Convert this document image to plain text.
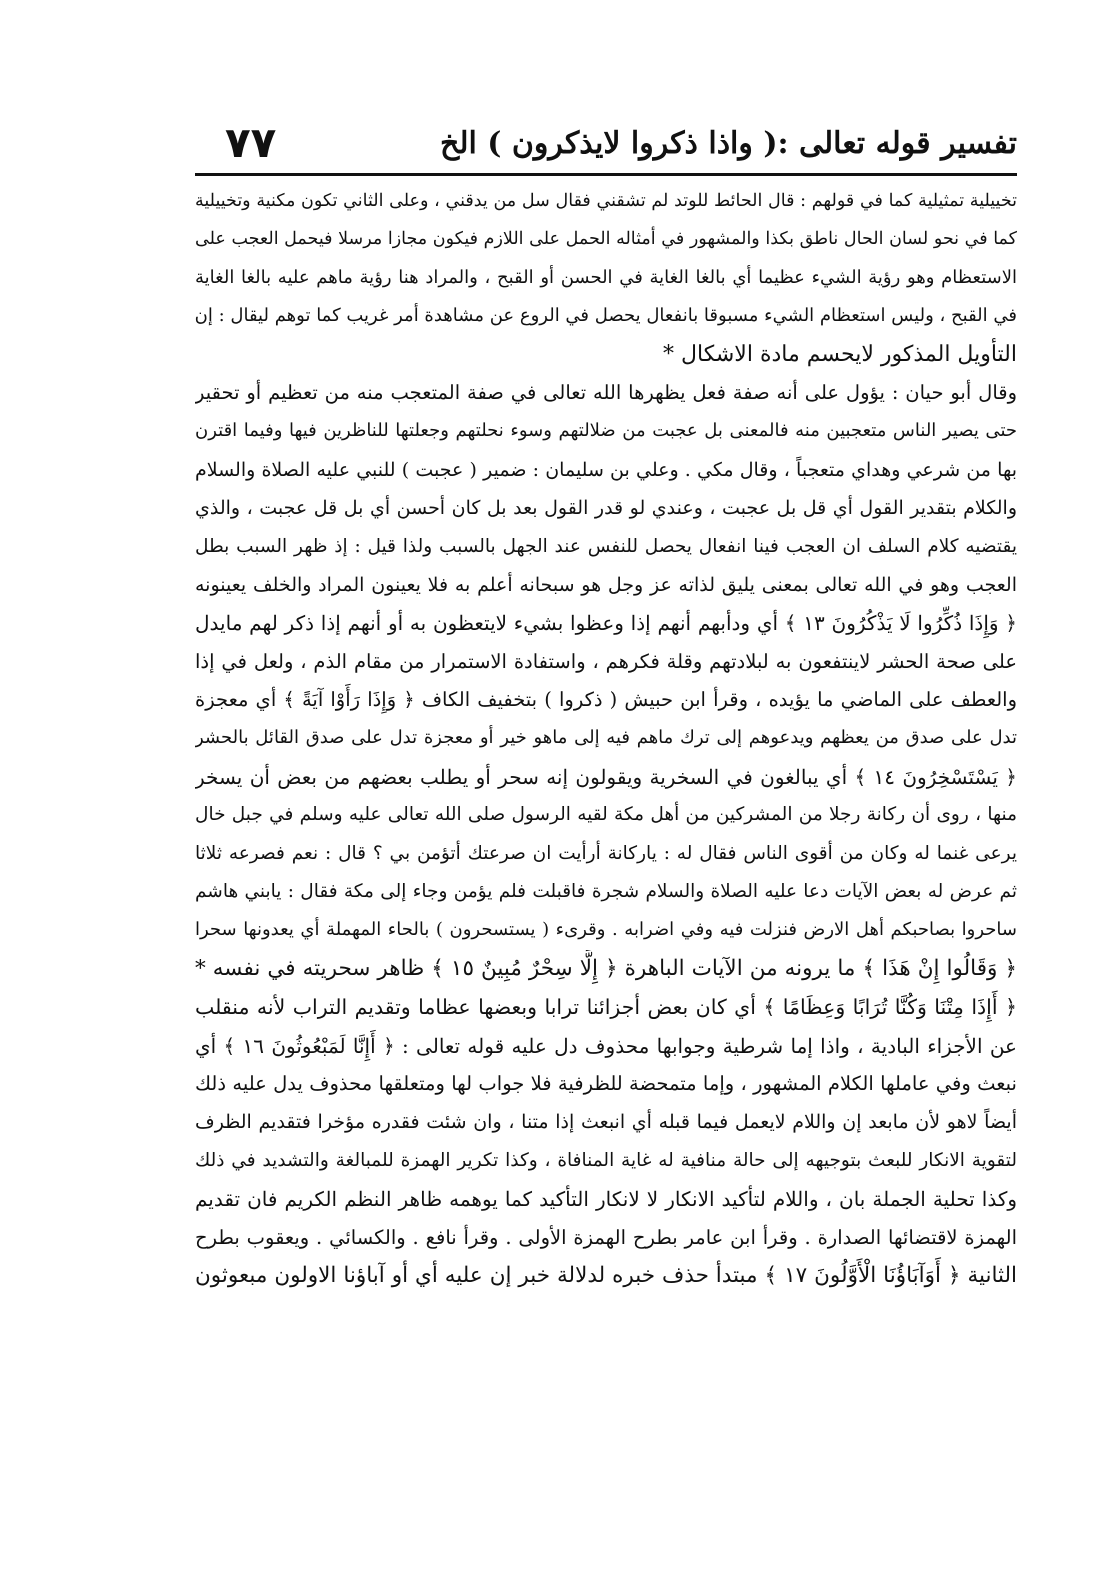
تفسير قوله تعالى :( واذا ذكروا لايذكرون ) الخ
٧٧
تخييلية تمثيلية كما في قولهم : قال الحائط للوتد لم تشقني فقال سل من يدقني ، وعلى الثاني تكون مكنية وتخييلية
كما في نحو لسان الحال ناطق بكذا والمشهور في أمثاله الحمل على اللازم فيكون مجازا مرسلا فيحمل العجب على
الاستعظام وهو رؤية الشيء عظيما أي بالغا الغاية في الحسن أو القبح ، والمراد هنا رؤية ماهم عليه بالغا الغاية
في القبح ، وليس استعظام الشيء مسبوقا بانفعال يحصل في الروع عن مشاهدة أمر غريب كما توهم ليقال : إن
التأويل المذكور لايحسم مادة الاشكال *
وقال أبو حيان : يؤول على أنه صفة فعل يظهرها الله تعالى في صفة المتعجب منه من تعظيم أو تحقير
حتى يصير الناس متعجبين منه فالمعنى بل عجبت من ضلالتهم وسوء نحلتهم وجعلتها للناظرين فيها وفيما اقترن
بها من شرعي وهداي متعجباً ، وقال مكي . وعلي بن سليمان : ضمير ( عجبت ) للنبي عليه الصلاة والسلام
والكلام بتقدير القول أي قل بل عجبت ، وعندي لو قدر القول بعد بل كان أحسن أي بل قل عجبت ، والذي
يقتضيه كلام السلف ان العجب فينا انفعال يحصل للنفس عند الجهل بالسبب ولذا قيل : إذ ظهر السبب بطل
العجب وهو في الله تعالى بمعنى يليق لذاته عز وجل هو سبحانه أعلم به فلا يعينون المراد والخلف يعينونه
﴿ وَإِذَا ذُكِّرُوا لَا يَذْكُرُونَ ١٣ ﴾ أي ودأبهم أنهم إذا وعظوا بشيء لايتعظون به أو أنهم إذا ذكر لهم مايدل
على صحة الحشر لاينتفعون به لبلادتهم وقلة فكرهم ، واستفادة الاستمرار من مقام الذم ، ولعل في إذا
والعطف على الماضي ما يؤيده ، وقرأ ابن حبيش ( ذكروا ) بتخفيف الكاف ﴿ وَإِذَا رَأَوْا آيَةً ﴾ أي معجزة
تدل على صدق من يعظهم ويدعوهم إلى ترك ماهم فيه إلى ماهو خير أو معجزة تدل على صدق القائل بالحشر
﴿ يَسْتَسْخِرُونَ ١٤ ﴾ أي يبالغون في السخرية ويقولون إنه سحر أو يطلب بعضهم من بعض أن يسخر
منها ، روى أن ركانة رجلا من المشركين من أهل مكة لقيه الرسول صلى الله تعالى عليه وسلم في جبل خال
يرعى غنما له وكان من أقوى الناس فقال له : ياركانة أرأيت ان صرعتك أتؤمن بي ؟ قال : نعم فصرعه ثلاثا
ثم عرض له بعض الآيات دعا عليه الصلاة والسلام شجرة فاقبلت فلم يؤمن وجاء إلى مكة فقال : يابني هاشم
ساحروا بصاحبكم أهل الارض فنزلت فيه وفي اضرابه . وقرىء ( يستسحرون ) بالحاء المهملة أي يعدونها سحرا
﴿ وَقَالُوا إِنْ هَذَا ﴾ ما يرونه من الآيات الباهرة ﴿ إِلَّا سِحْرٌ مُبِينٌ ١٥ ﴾ ظاهر سحريته في نفسه *
﴿ أَإِذَا مِتْنَا وَكُنَّا تُرَابًا وَعِظَامًا ﴾ أي كان بعض أجزائنا ترابا وبعضها عظاما وتقديم التراب لأنه منقلب
عن الأجزاء البادية ، واذا إما شرطية وجوابها محذوف دل عليه قوله تعالى : ﴿ أَإِنَّا لَمَبْعُوثُونَ ١٦ ﴾ أي
نبعث وفي عاملها الكلام المشهور ، وإما متمحضة للظرفية فلا جواب لها ومتعلقها محذوف يدل عليه ذلك
أيضاً لاهو لأن مابعد إن واللام لايعمل فيما قبله أي انبعث إذا متنا ، وان شئت فقدره مؤخرا فتقديم الظرف
لتقوية الانكار للبعث بتوجيهه إلى حالة منافية له غاية المنافاة ، وكذا تكرير الهمزة للمبالغة والتشديد في ذلك
وكذا تحلية الجملة بان ، واللام لتأكيد الانكار لا لانكار التأكيد كما يوهمه ظاهر النظم الكريم فان تقديم
الهمزة لاقتضائها الصدارة . وقرأ ابن عامر بطرح الهمزة الأولى . وقرأ نافع . والكسائي . ويعقوب بطرح
الثانية ﴿ أَوَآبَاؤُنَا الْأَوَّلُونَ ١٧ ﴾ مبتدأ حذف خبره لدلالة خبر إن عليه أي أو آباؤنا الاولون مبعوثون
